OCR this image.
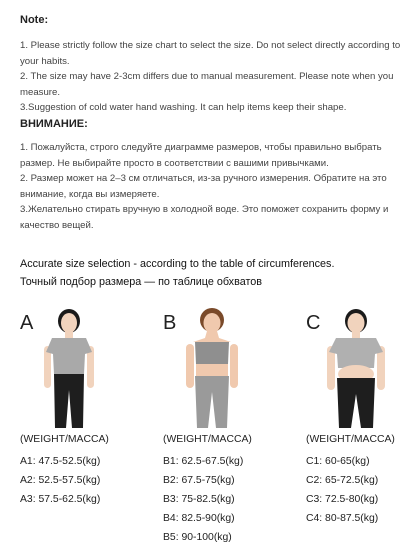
Note:

1. Please strictly follow the size chart to select the size. Do not select directly according to your habits.

2. The size may have 2-3cm differs due to manual measurement. Please note when you measure.

3.Suggestion of cold water hand washing. It can help items keep their shape.

ВНИМАНИЕ:

1. Пожалуйста, строго следуйте диаграмме размеров, чтобы правильно выбрать размер. Не выбирайте просто в соответствии с вашими привычками.

2. Размер может на 2–3 см отличаться, из-за ручного измерения. Обратите на это внимание, когда вы измеряете.

3.Желательно стирать вручную в холодной воде. Это поможет сохранить форму и качество вещей.

Accurate size selection - according to the table of circumferences.
Точный подбор размера — по таблице обхватов
A
(WEIGHT/MACCA)
A1: 47.5-52.5(kg)
A2: 52.5-57.5(kg)
A3: 57.5-62.5(kg)
B
(WEIGHT/MACCA)
B1: 62.5-67.5(kg)
B2: 67.5-75(kg)
B3: 75-82.5(kg)
B4: 82.5-90(kg)
B5: 90-100(kg)
C
(WEIGHT/MACCA)
C1: 60-65(kg)
C2: 65-72.5(kg)
C3: 72.5-80(kg)
C4: 80-87.5(kg)
